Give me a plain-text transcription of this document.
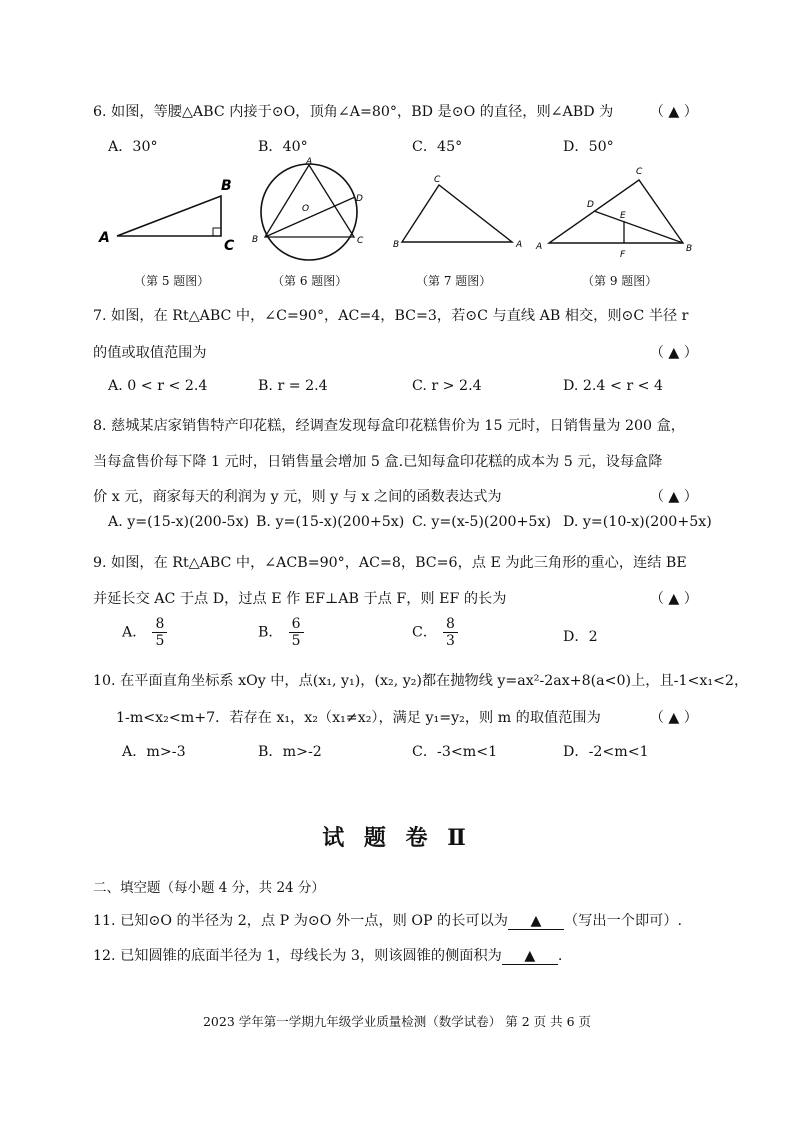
6. 如图，等腰△ABC 内接于⊙O，顶角∠A=80°，BD 是⊙O 的直径，则∠ABD 为	（ ▲ ）
A．30°	B．40°	C．45°	D．50°
A
B
C
A
B	C
D
O
C
B	A
C
D
E
A
F
B
（第 5 题图）	（第 6 题图）	（第 7 题图）	（第 9 题图）
7. 如图，在 Rt△ABC 中，∠C=90°，AC=4，BC=3，若⊙C 与直线 AB 相交，则⊙C 半径 r
的值或取值范围为	（ ▲ ）
A. 0 < r < 2.4	B. r = 2.4	C. r > 2.4	D. 2.4 < r < 4
8. 慈城某店家销售特产印花糕，经调查发现每盒印花糕售价为 15 元时，日销售量为 200 盒，
当每盒售价每下降 1 元时，日销售量会增加 5 盒.已知每盒印花糕的成本为 5 元，设每盒降
价 x 元，商家每天的利润为 y 元，则 y 与 x 之间的函数表达式为	（ ▲ ）
A. y=(15-x)(200-5x) B. y=(15-x)(200+5x) C. y=(x-5)(200+5x) D. y=(10-x)(200+5x)
9. 如图，在 Rt△ABC 中，∠ACB=90°，AC=8，BC=6，点 E 为此三角形的重心，连结 BE
并延长交 AC 于点 D，过点 E 作 EF⊥AB 于点 F，则 EF 的长为	（ ▲ ）
A． $\frac{8}{5}$	B． $\frac{6}{5}$	C． $\frac{8}{3}$	D．2
10. 在平面直角坐标系 xOy 中，点(x₁, y₁)，(x₂, y₂)都在抛物线 y=ax²-2ax+8(a<0)上，且-1<x₁<2，
1-m<x₂<m+7．若存在 x₁，x₂（x₁≠x₂），满足 y₁=y₂，则 m 的取值范围为	（ ▲ ）
A．m>-3	B．m>-2	C．-3<m<1	D．-2<m<1
试 题 卷 Ⅱ
二、填空题（每小题 4 分，共 24 分）
11. 已知⊙O 的半径为 2，点 P 为⊙O 外一点，则 OP 的长可以为 ▲ （写出一个即可）.
12. 已知圆锥的底面半径为 1，母线长为 3，则该圆锥的侧面积为 ▲ .
2023 学年第一学期九年级学业质量检测（数学试卷） 第 2 页 共 6 页
